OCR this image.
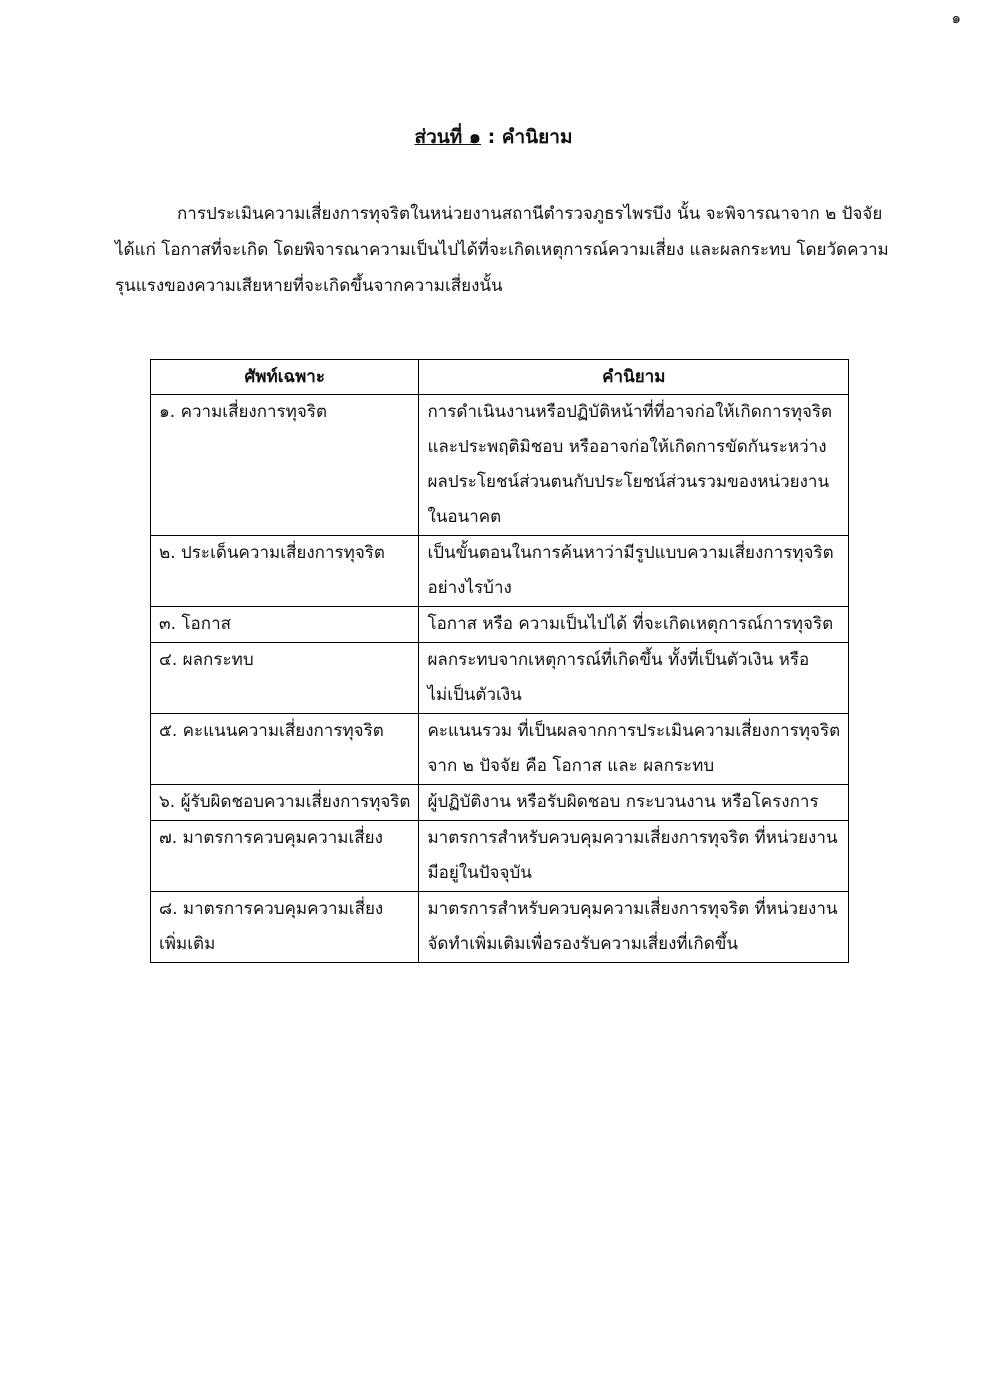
๑
ส่วนที่ ๑ : คำนิยาม
การประเมินความเสี่ยงการทุจริตในหน่วยงานสถานีตำรวจภูธรไพรบึง นั้น จะพิจารณาจาก ๒ ปัจจัย
ได้แก่ โอกาสที่จะเกิด โดยพิจารณาความเป็นไปได้ที่จะเกิดเหตุการณ์ความเสี่ยง และผลกระทบ โดยวัดความ
รุนแรงของความเสียหายที่จะเกิดขึ้นจากความเสี่ยงนั้น
ศัพท์เฉพาะ	คำนิยาม

๑. ความเสี่ยงการทุจริต	การดำเนินงานหรือปฏิบัติหน้าที่ที่อาจก่อให้เกิดการทุจริต
และประพฤติมิชอบ หรืออาจก่อให้เกิดการขัดกันระหว่าง
ผลประโยชน์ส่วนตนกับประโยชน์ส่วนรวมของหน่วยงาน
ในอนาคต

๒. ประเด็นความเสี่ยงการทุจริต	เป็นขั้นตอนในการค้นหาว่ามีรูปแบบความเสี่ยงการทุจริต
อย่างไรบ้าง

๓. โอกาส	โอกาส หรือ ความเป็นไปได้ ที่จะเกิดเหตุการณ์การทุจริต

๔. ผลกระทบ	ผลกระทบจากเหตุการณ์ที่เกิดขึ้น ทั้งที่เป็นตัวเงิน หรือ
ไม่เป็นตัวเงิน

๕. คะแนนความเสี่ยงการทุจริต	คะแนนรวม ที่เป็นผลจากการประเมินความเสี่ยงการทุจริต
จาก ๒ ปัจจัย คือ โอกาส และ ผลกระทบ

๖. ผู้รับผิดชอบความเสี่ยงการทุจริต	ผู้ปฏิบัติงาน หรือรับผิดชอบ กระบวนงาน หรือโครงการ

๗. มาตรการควบคุมความเสี่ยง	มาตรการสำหรับควบคุมความเสี่ยงการทุจริต ที่หน่วยงาน
มีอยู่ในปัจจุบัน

๘. มาตรการควบคุมความเสี่ยง
เพิ่มเติม	มาตรการสำหรับควบคุมความเสี่ยงการทุจริต ที่หน่วยงาน
จัดทำเพิ่มเติมเพื่อรองรับความเสี่ยงที่เกิดขึ้น
